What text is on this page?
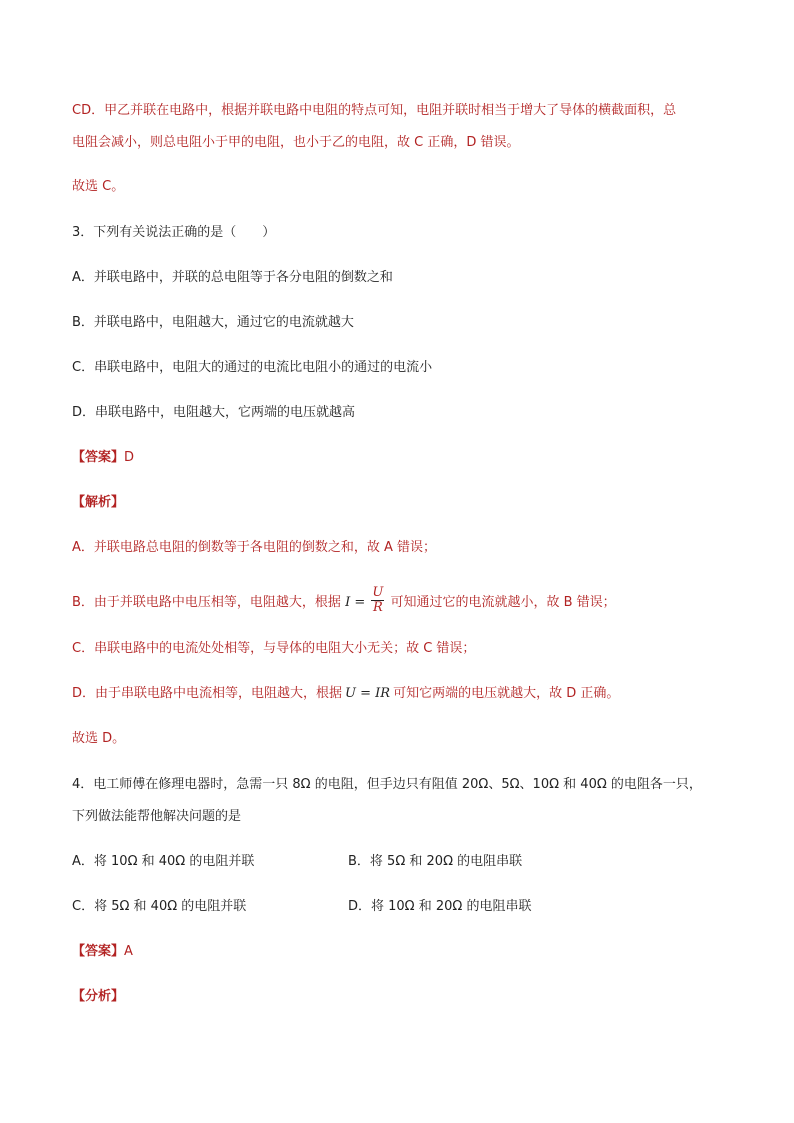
CD．甲乙并联在电路中，根据并联电路中电阻的特点可知，电阻并联时相当于增大了导体的横截面积，总
电阻会减小，则总电阻小于甲的电阻，也小于乙的电阻，故 C 正确，D 错误。
故选 C。
3．下列有关说法正确的是（　　）
A．并联电路中，并联的总电阻等于各分电阻的倒数之和
B．并联电路中，电阻越大，通过它的电流就越大
C．串联电路中，电阻大的通过的电流比电阻小的通过的电流小
D．串联电路中，电阻越大，它两端的电压就越高
【答案】D
【解析】
A．并联电路总电阻的倒数等于各电阻的倒数之和，故 A 错误；
B．由于并联电路中电压相等，电阻越大，根据 $I = \frac{U}{R}$ 可知通过它的电流就越小，故 B 错误；
C．串联电路中的电流处处相等，与导体的电阻大小无关；故 C 错误；
D．由于串联电路中电流相等，电阻越大，根据 U = IR 可知它两端的电压就越大，故 D 正确。
故选 D。
4．电工师傅在修理电器时，急需一只 8Ω 的电阻，但手边只有阻值 20Ω、5Ω、10Ω 和 40Ω 的电阻各一只，
下列做法能帮他解决问题的是
A．将 10Ω 和 40Ω 的电阻并联	B．将 5Ω 和 20Ω 的电阻串联
C．将 5Ω 和 40Ω 的电阻并联	D．将 10Ω 和 20Ω 的电阻串联
【答案】A
【分析】
